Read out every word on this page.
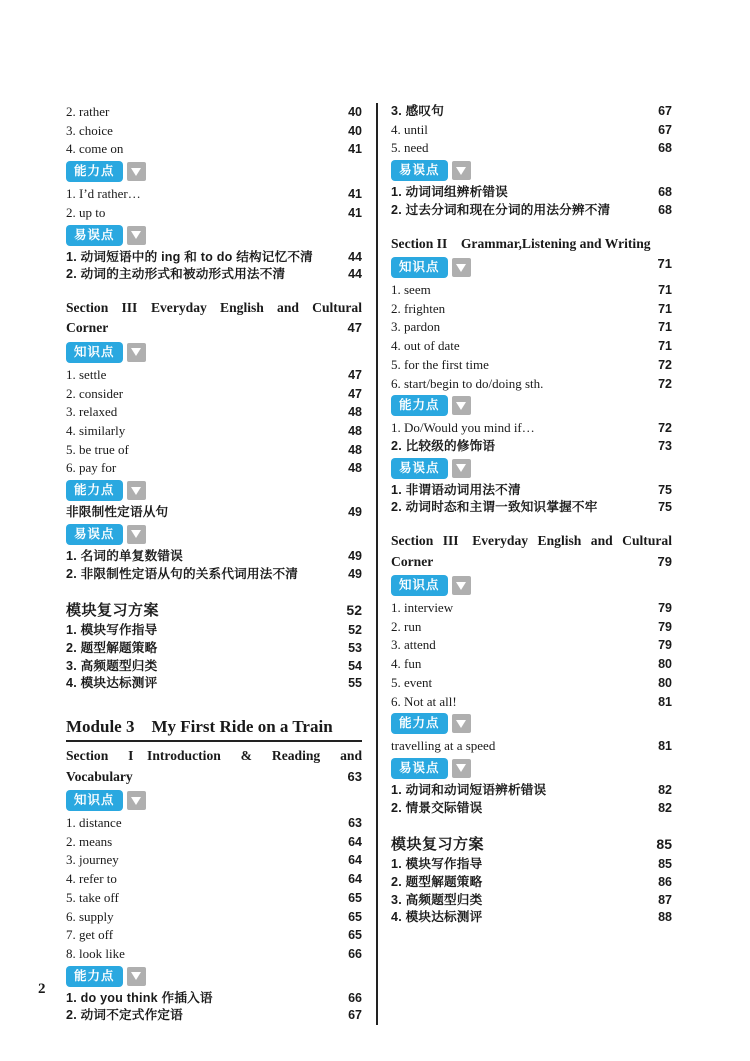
2. rather	40
3. choice	40
4. come on	41
能力点
1. I’d rather…	41
2. up to	41
易误点
1. 动词短语中的 ing 和 to do 结构记忆不清	44
2. 动词的主动形式和被动形式用法不清	44

Section III Everyday English and Cultural Corner	47

知识点
1. settle	47
2. consider	47
3. relaxed	48
4. similarly	48
5. be true of	48
6. pay for	48
能力点
非限制性定语从句	49
易误点
1. 名词的单复数错误	49
2. 非限制性定语从句的关系代词用法不清	49
模块复习方案	52
1. 模块写作指导	52
2. 题型解题策略	53
3. 高频题型归类	54
4. 模块达标测评	55
Module 3 My First Ride on a Train

Section I Introduction & Reading and Vocabulary	63

知识点
1. distance	63
2. means	64
3. journey	64
4. refer to	64
5. take off	65
6. supply	65
7. get off	65
8. look like	66
能力点
1. do you think 作插入语	66
2. 动词不定式作定语	67
3. 感叹句	67
4. until	67
5. need	68
易误点
1. 动词词组辨析错误	68
2. 过去分词和现在分词的用法分辨不清	68

Section II Grammar,Listening and Writing
71

知识点
1. seem	71
2. frighten	71
3. pardon	71
4. out of date	71
5. for the first time	72
6. start/begin to do/doing sth.	72
能力点
1. Do/Would you mind if…	72
2. 比较级的修饰语	73
易误点
1. 非谓语动词用法不清	75
2. 动词时态和主谓一致知识掌握不牢	75

Section III Everyday English and Cultural Corner	79

知识点
1. interview	79
2. run	79
3. attend	79
4. fun	80
5. event	80
6. Not at all!	81
能力点
travelling at a speed	81
易误点
1. 动词和动词短语辨析错误	82
2. 情景交际错误	82
模块复习方案	85
1. 模块写作指导	85
2. 题型解题策略	86
3. 高频题型归类	87
4. 模块达标测评	88
2
